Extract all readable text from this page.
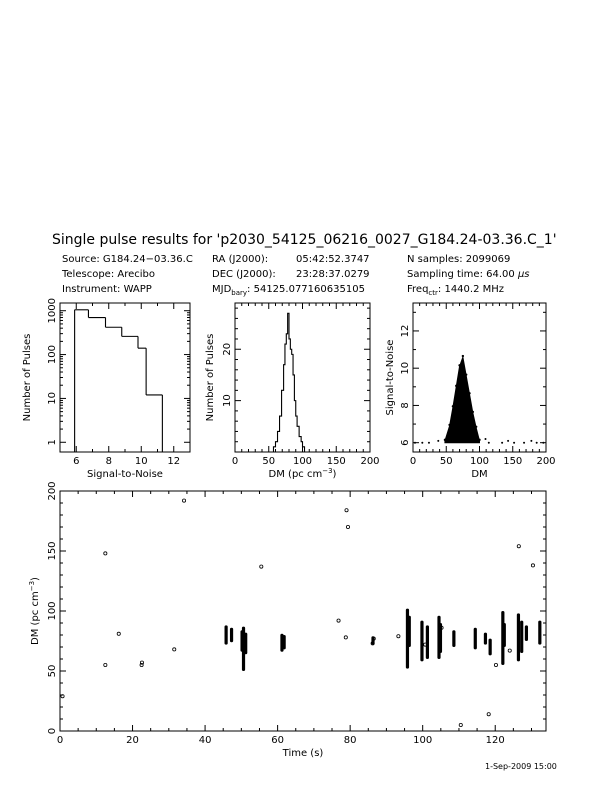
Single pulse results for 'p2030_54125_06216_0027_G184.24-03.36.C_1'
Source: G184.24−03.36.C
Telescope: Arecibo
Instrument: WAPP
RA (J2000):	05:42:52.3747
DEC (J2000): 23:28:37.0279
$MJD_{bary}$: 54125.077160635105
N samples: 2099069
Sampling time: 64.00 μs
Freq$_{ctr}$: 1440.2 MHz
6	8 10 12
1
10
100
1000
Signal-to-Noise
Number of Pulses
0 50 100 150 200
10
20
DM (pc $cm^{-3}$)
Number of Pulses
0 50 100 150 200
6
8
10
12
DM
Signal-to-Noise
0	20	40	60	80	100	120
0
50
100
150
200
Time (s)
DM (pc $cm^{-3}$)
1-Sep-2009 15:00
